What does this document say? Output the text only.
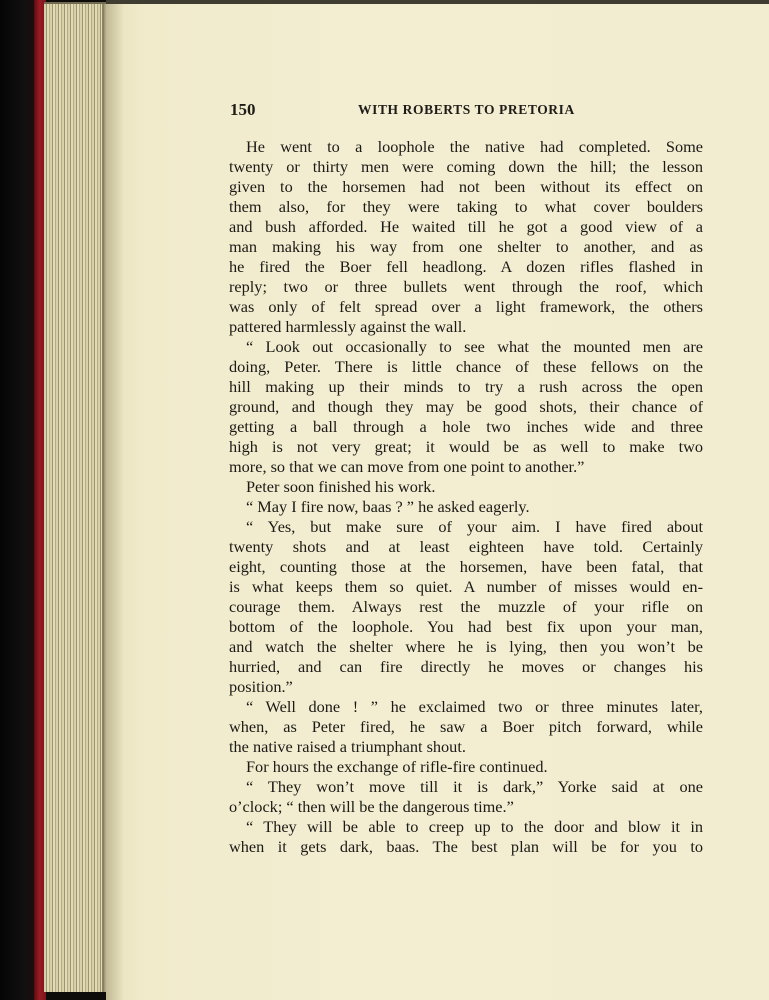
150	WITH ROBERTS TO PRETORIA

He went to a loophole the native had completed. Some
twenty or thirty men were coming down the hill; the lesson
given to the horsemen had not been without its effect on
them also, for they were taking to what cover boulders
and bush afforded. He waited till he got a good view of a
man making his way from one shelter to another, and as
he fired the Boer fell headlong. A dozen rifles flashed in
reply; two or three bullets went through the roof, which
was only of felt spread over a light framework, the others
pattered harmlessly against the wall.
“ Look out occasionally to see what the mounted men are
doing, Peter. There is little chance of these fellows on the
hill making up their minds to try a rush across the open
ground, and though they may be good shots, their chance of
getting a ball through a hole two inches wide and three
high is not very great; it would be as well to make two
more, so that we can move from one point to another.”
Peter soon finished his work.
“ May I fire now, baas ? ” he asked eagerly.
“ Yes, but make sure of your aim. I have fired about
twenty shots and at least eighteen have told. Certainly
eight, counting those at the horsemen, have been fatal, that
is what keeps them so quiet. A number of misses would en-
courage them. Always rest the muzzle of your rifle on
bottom of the loophole. You had best fix upon your man,
and watch the shelter where he is lying, then you won’t be
hurried, and can fire directly he moves or changes his
position.”
“ Well done ! ” he exclaimed two or three minutes later,
when, as Peter fired, he saw a Boer pitch forward, while
the native raised a triumphant shout.
For hours the exchange of rifle-fire continued.
“ They won’t move till it is dark,” Yorke said at one
o’clock; “ then will be the dangerous time.”
“ They will be able to creep up to the door and blow it in
when it gets dark, baas. The best plan will be for you to
